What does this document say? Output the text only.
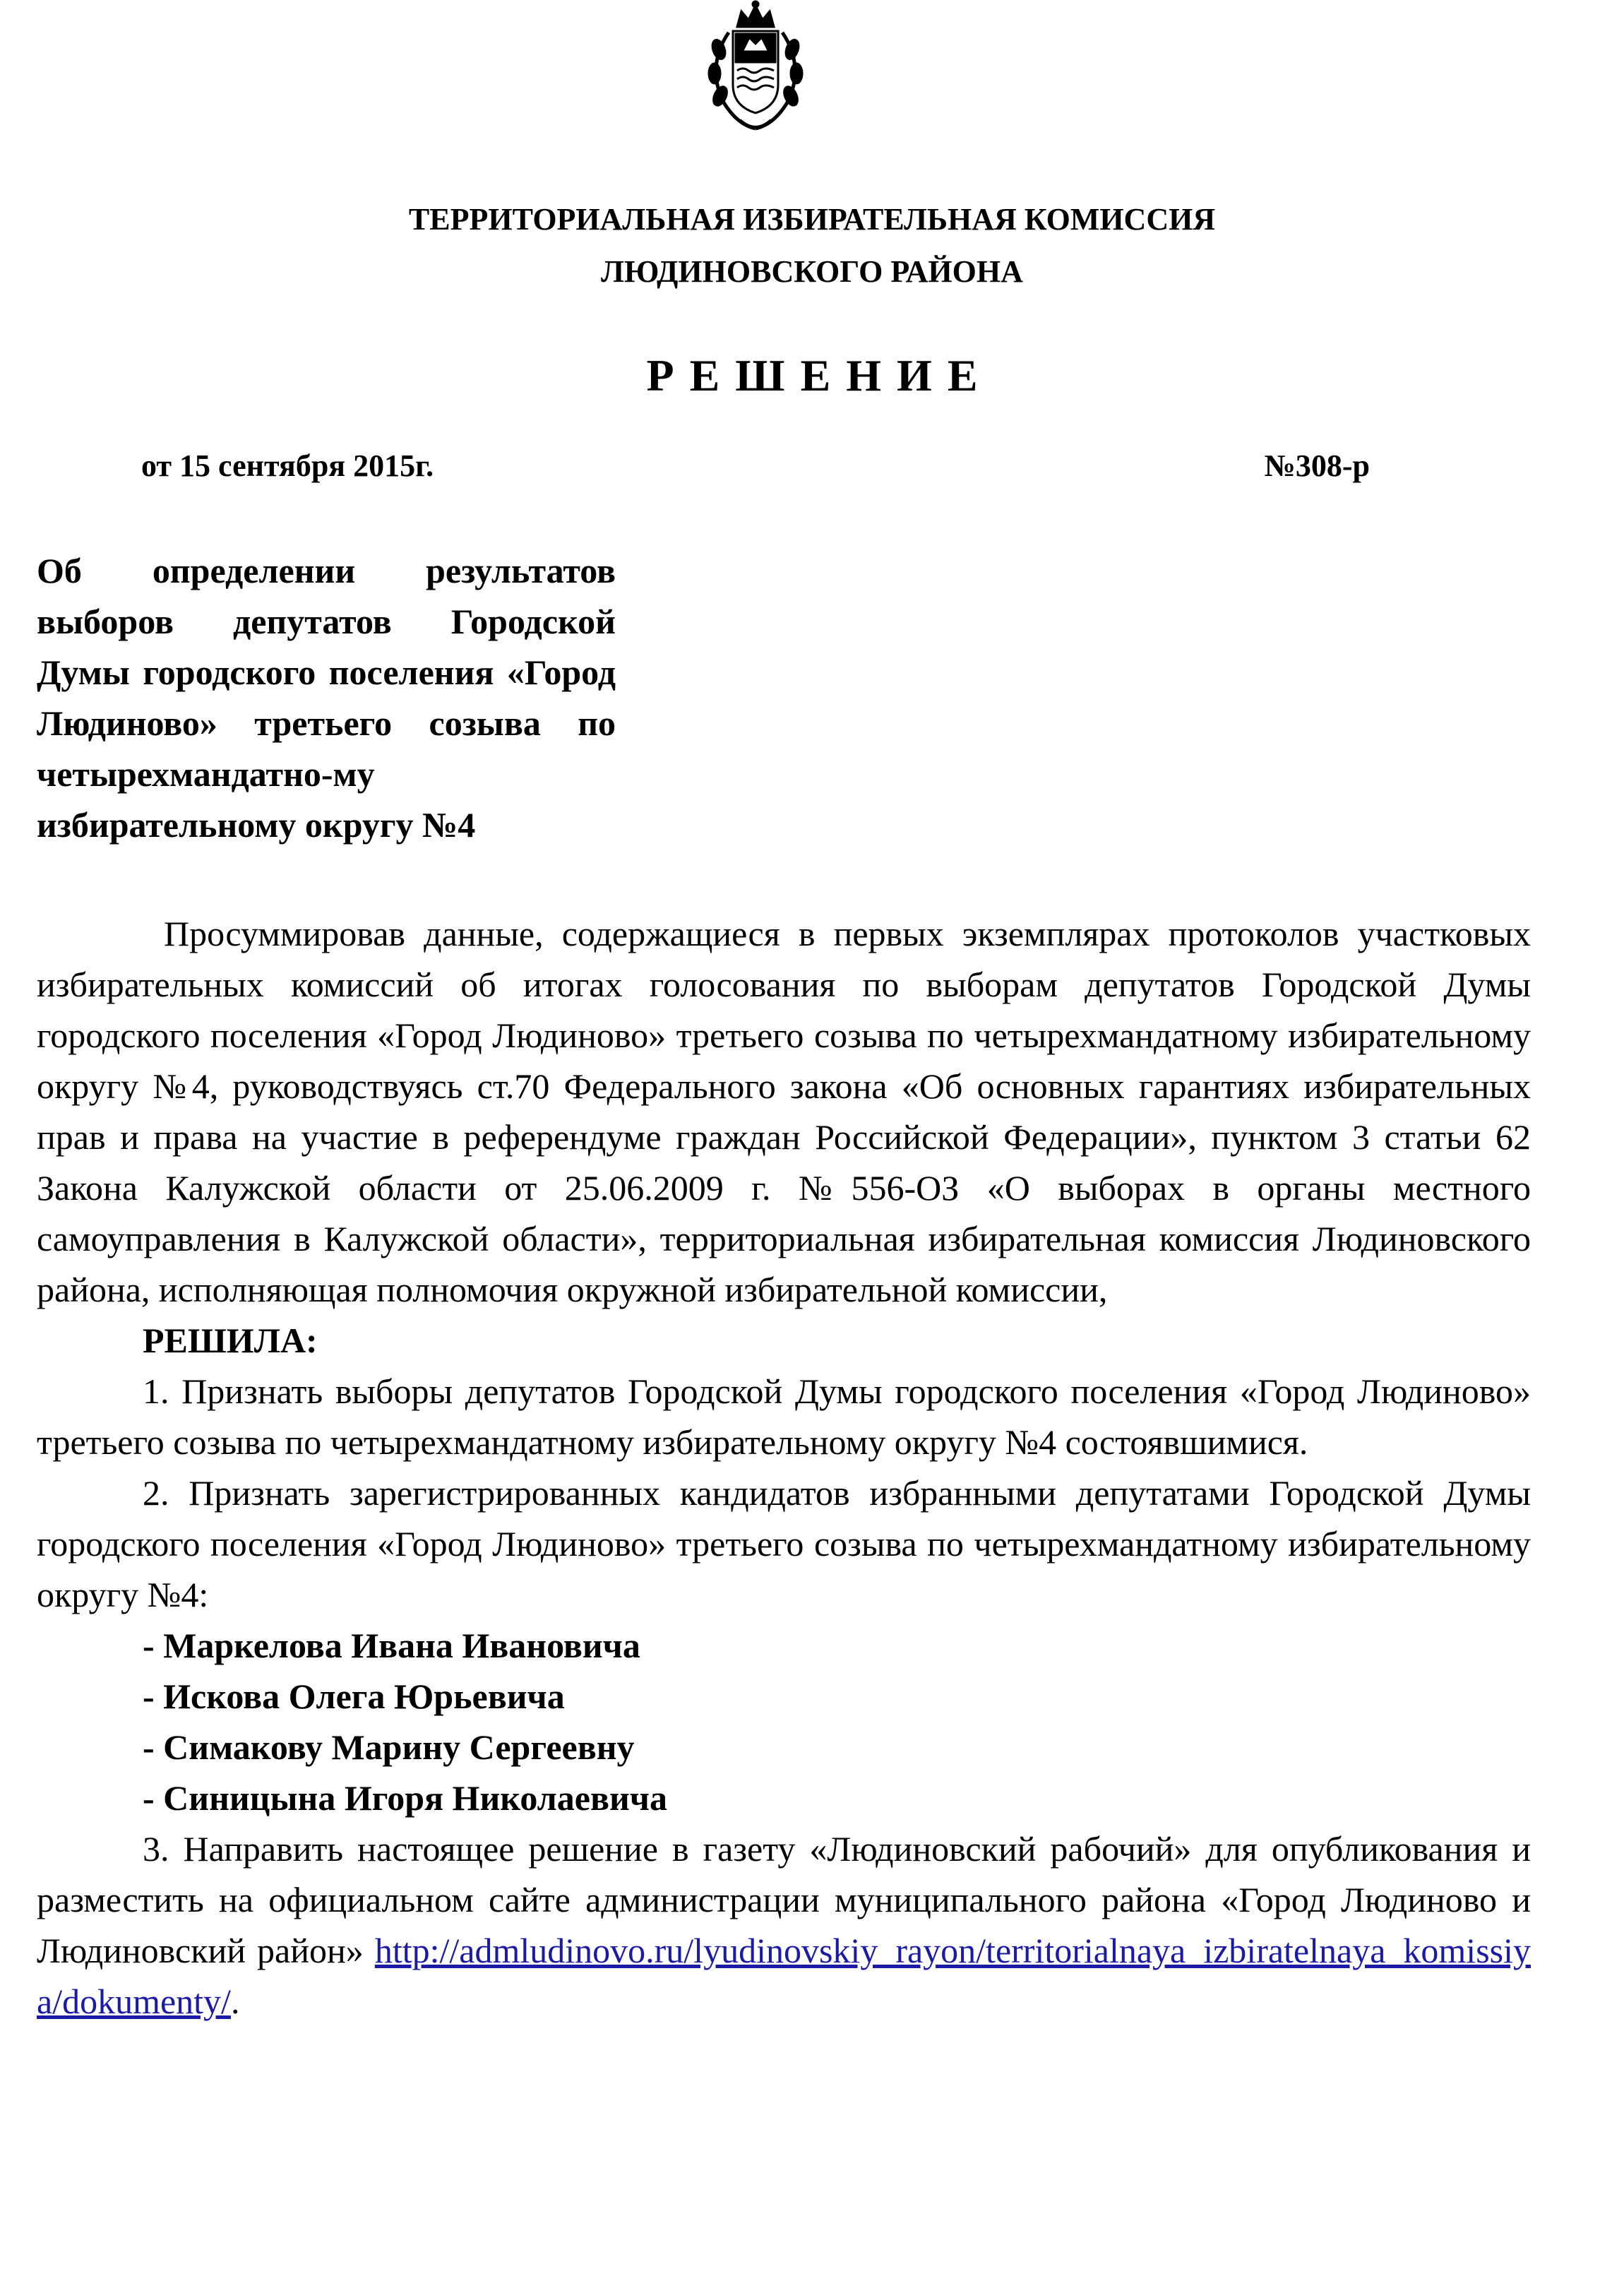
ТЕРРИТОРИАЛЬНАЯ ИЗБИРАТЕЛЬНАЯ КОМИССИЯ
ЛЮДИНОВСКОГО РАЙОНА
РЕШЕНИЕ
от 15 сентября 2015г.	№308-р
Об определении результатов выборов депутатов Городской Думы городского поселения «Город Людиново» третьего созыва по четырехмандатно-му избирательному округу №4

Просуммировав данные, содержащиеся в первых экземплярах протоколов участковых избирательных комиссий об итогах голосования по выборам депутатов Городской Думы городского поселения «Город Людиново» третьего созыва по четырехмандатному избирательному округу №4, руководствуясь ст.70 Федерального закона «Об основных гарантиях избирательных прав и права на участие в референдуме граждан Российской Федерации», пунктом 3 статьи 62 Закона Калужской области от 25.06.2009 г. №556-ОЗ «О выборах в органы местного самоуправления в Калужской области», территориальная избирательная комиссия Людиновского района, исполняющая полномочия окружной избирательной комиссии,

РЕШИЛА:

1. Признать выборы депутатов Городской Думы городского поселения «Город Людиново» третьего созыва по четырехмандатному избирательному округу №4 состоявшимися.

2. Признать зарегистрированных кандидатов избранными депутатами Городской Думы городского поселения «Город Людиново» третьего созыва по четырехмандатному избирательному округу №4:

- Маркелова Ивана Ивановича
- Искова Олега Юрьевича
- Симакову Марину Сергеевну
- Синицына Игоря Николаевича

3. Направить настоящее решение в газету «Людиновский рабочий» для опубликования и разместить на официальном сайте администрации муниципального района «Город Людиново и Людиновский район» http://admludinovo.ru/lyudinovskiy_rayon/territorialnaya_izbiratelnaya_komissiya/dokumenty/.
